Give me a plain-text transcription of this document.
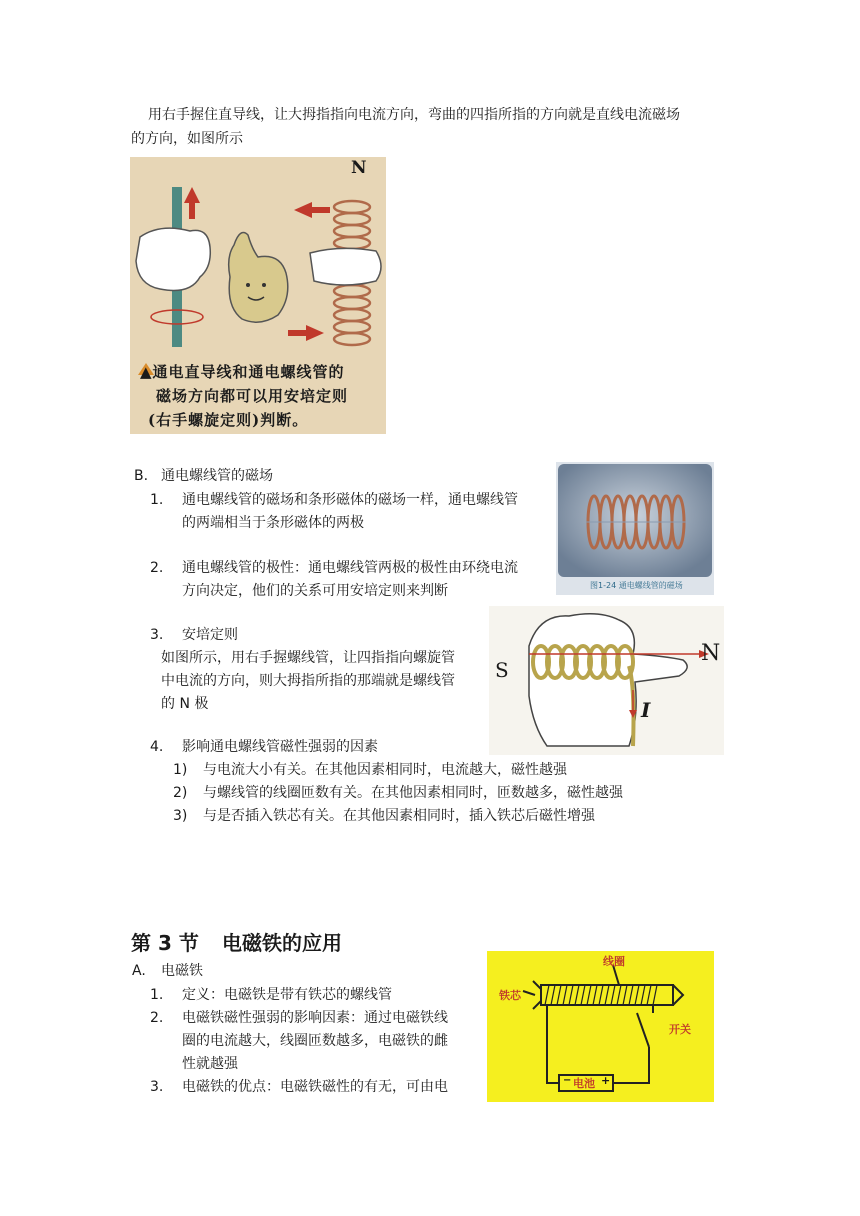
用右手握住直导线，让大拇指指向电流方向，弯曲的四指所指的方向就是直线电流磁场
的方向，如图所示
N
▲通电直导线和通电螺线管的
磁场方向都可以用安培定则
(右手螺旋定则)判断。
B. 通电螺线管的磁场
1. 通电螺线管的磁场和条形磁体的磁场一样，通电螺线管
的两端相当于条形磁体的两极
2. 通电螺线管的极性：通电螺线管两极的极性由环绕电流
方向决定，他们的关系可用安培定则来判断
3. 安培定则
如图所示，用右手握螺线管，让四指指向螺旋管
中电流的方向，则大拇指所指的那端就是螺线管
的 N 极
4. 影响通电螺线管磁性强弱的因素
1) 与电流大小有关。在其他因素相同时，电流越大，磁性越强
2) 与螺线管的线圈匝数有关。在其他因素相同时，匝数越多，磁性越强
3) 与是否插入铁芯有关。在其他因素相同时，插入铁芯后磁性增强
图1-24 通电螺线管的磁场
S
N
I
第 3 节 电磁铁的应用
A. 电磁铁
1. 定义：电磁铁是带有铁芯的螺线管
2. 电磁铁磁性强弱的影响因素：通过电磁铁线
圈的电流越大，线圈匝数越多，电磁铁的雌
性就越强
3. 电磁铁的优点：电磁铁磁性的有无，可由电
线圈
铁芯
开关
− 电池 +
